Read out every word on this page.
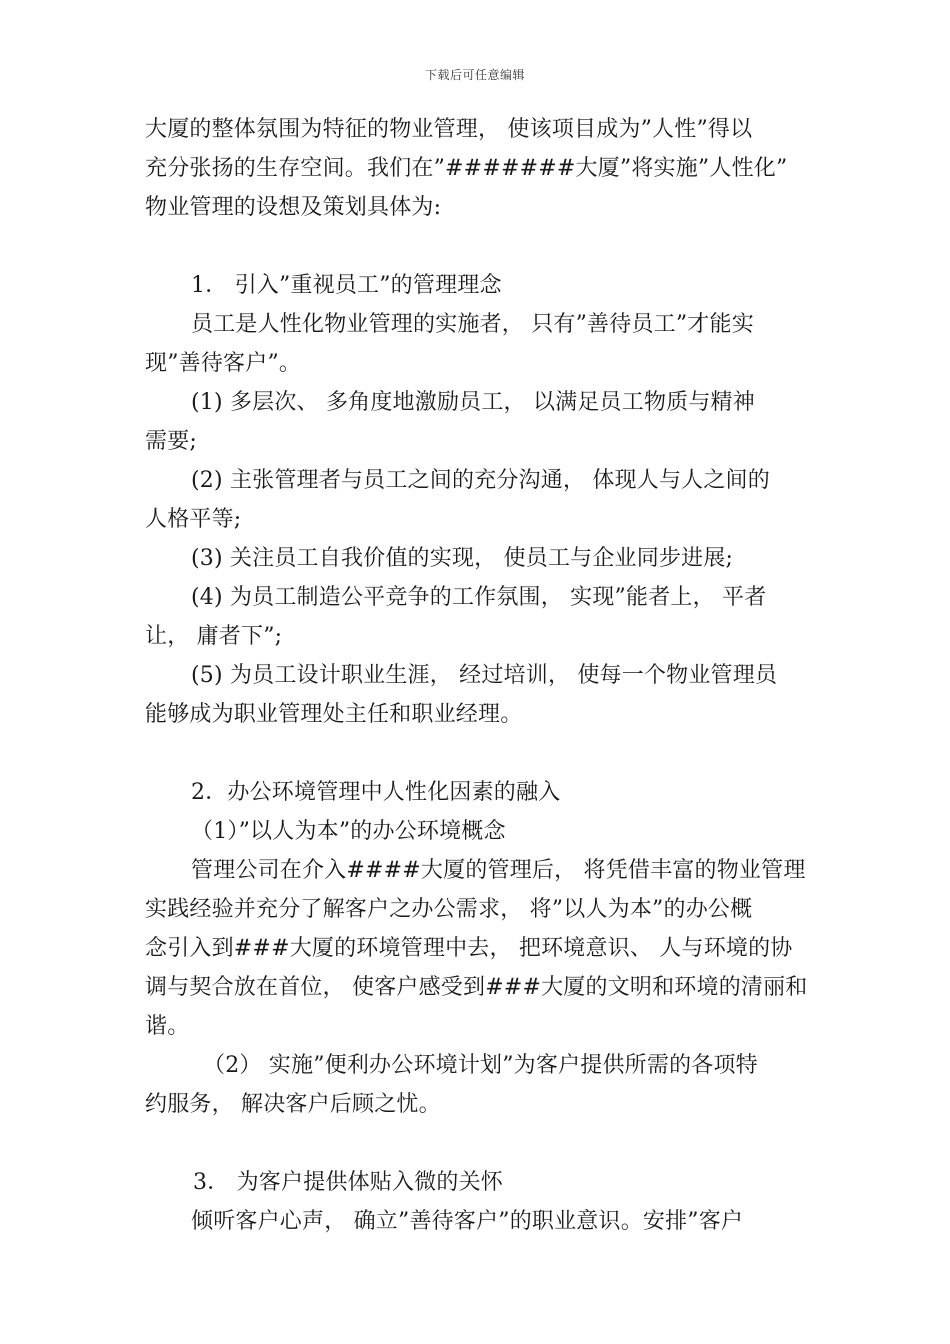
下载后可任意编辑
大厦的整体氛围为特征的物业管理， 使该项目成为”人性”得以
充分张扬的生存空间。我们在”#######大厦”将实施”人性化”
物业管理的设想及策划具体为:
1． 引入”重视员工”的管理理念
员工是人性化物业管理的实施者， 只有”善待员工”才能实
现”善待客户”。
(1) 多层次、 多角度地激励员工， 以满足员工物质与精神
需要;
(2) 主张管理者与员工之间的充分沟通， 体现人与人之间的
人格平等;
(3) 关注员工自我价值的实现， 使员工与企业同步进展;
(4) 为员工制造公平竞争的工作氛围， 实现”能者上， 平者
让， 庸者下”;
(5) 为员工设计职业生涯， 经过培训， 使每一个物业管理员
能够成为职业管理处主任和职业经理。
2．办公环境管理中人性化因素的融入
（1）”以人为本”的办公环境概念
管理公司在介入####大厦的管理后， 将凭借丰富的物业管理
实践经验并充分了解客户之办公需求， 将”以人为本”的办公概
念引入到###大厦的环境管理中去， 把环境意识、 人与环境的协
调与契合放在首位， 使客户感受到###大厦的文明和环境的清丽和
谐。
（2） 实施”便利办公环境计划”为客户提供所需的各项特
约服务， 解决客户后顾之忧。
3． 为客户提供体贴入微的关怀
倾听客户心声， 确立”善待客户”的职业意识。安排”客户
